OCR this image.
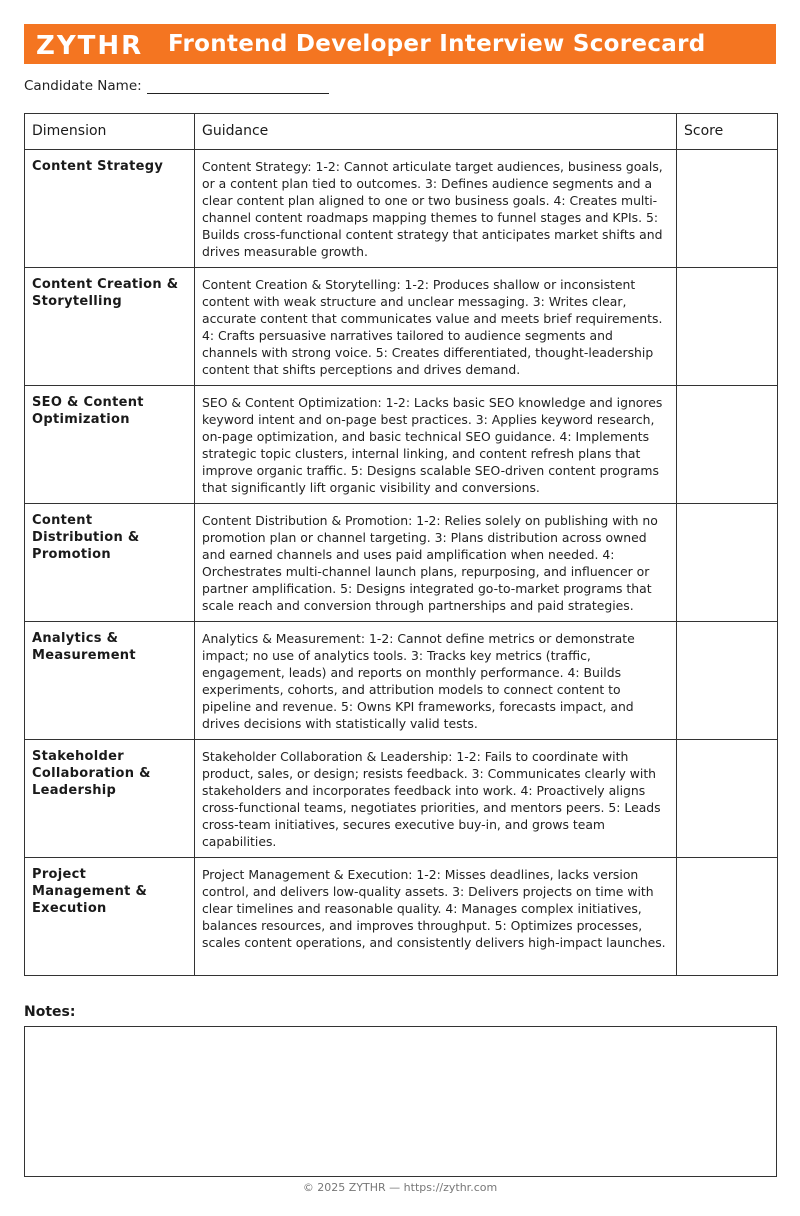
ZYTHR Frontend Developer Interview Scorecard
Candidate Name:
Dimension	Guidance	Score
Content Strategy	Content Strategy: 1-2: Cannot articulate target audiences, business goals, or a content plan tied to outcomes. 3: Defines audience segments and a clear content plan aligned to one or two business goals. 4: Creates multi-channel content roadmaps mapping themes to funnel stages and KPIs. 5: Builds cross-functional content strategy that anticipates market shifts and drives measurable growth.	
Content Creation & Storytelling	Content Creation & Storytelling: 1-2: Produces shallow or inconsistent content with weak structure and unclear messaging. 3: Writes clear, accurate content that communicates value and meets brief requirements. 4: Crafts persuasive narratives tailored to audience segments and channels with strong voice. 5: Creates differentiated, thought-leadership content that shifts perceptions and drives demand.	
SEO & Content Optimization	SEO & Content Optimization: 1-2: Lacks basic SEO knowledge and ignores keyword intent and on-page best practices. 3: Applies keyword research, on-page optimization, and basic technical SEO guidance. 4: Implements strategic topic clusters, internal linking, and content refresh plans that improve organic traffic. 5: Designs scalable SEO-driven content programs that significantly lift organic visibility and conversions.	
Content Distribution & Promotion	Content Distribution & Promotion: 1-2: Relies solely on publishing with no promotion plan or channel targeting. 3: Plans distribution across owned and earned channels and uses paid amplification when needed. 4: Orchestrates multi-channel launch plans, repurposing, and influencer or partner amplification. 5: Designs integrated go-to-market programs that scale reach and conversion through partnerships and paid strategies.	
Analytics & Measurement	Analytics & Measurement: 1-2: Cannot define metrics or demonstrate impact; no use of analytics tools. 3: Tracks key metrics (traffic, engagement, leads) and reports on monthly performance. 4: Builds experiments, cohorts, and attribution models to connect content to pipeline and revenue. 5: Owns KPI frameworks, forecasts impact, and drives decisions with statistically valid tests.	
Stakeholder Collaboration & Leadership	Stakeholder Collaboration & Leadership: 1-2: Fails to coordinate with product, sales, or design; resists feedback. 3: Communicates clearly with stakeholders and incorporates feedback into work. 4: Proactively aligns cross-functional teams, negotiates priorities, and mentors peers. 5: Leads cross-team initiatives, secures executive buy-in, and grows team capabilities.	
Project Management & Execution	Project Management & Execution: 1-2: Misses deadlines, lacks version control, and delivers low-quality assets. 3: Delivers projects on time with clear timelines and reasonable quality. 4: Manages complex initiatives, balances resources, and improves throughput. 5: Optimizes processes, scales content operations, and consistently delivers high-impact launches.	
Notes:
© 2025 ZYTHR — https://zythr.com
